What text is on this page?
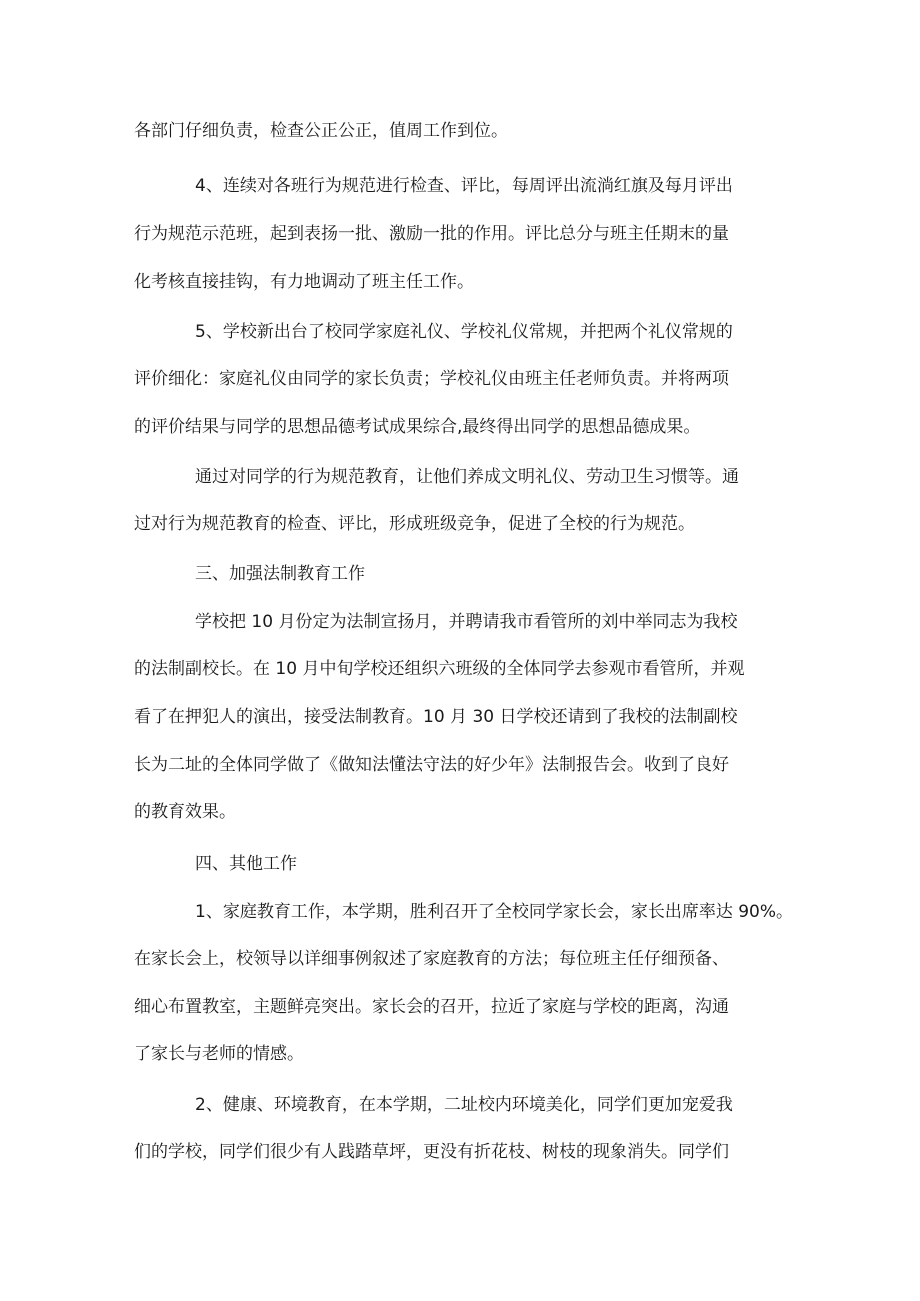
各部门仔细负责，检查公正公正，值周工作到位。
4、连续对各班行为规范进行检查、评比，每周评出流淌红旗及每月评出
行为规范示范班，起到表扬一批、激励一批的作用。评比总分与班主任期末的量
化考核直接挂钩，有力地调动了班主任工作。
5、学校新出台了校同学家庭礼仪、学校礼仪常规，并把两个礼仪常规的
评价细化：家庭礼仪由同学的家长负责；学校礼仪由班主任老师负责。并将两项
的评价结果与同学的思想品德考试成果综合,最终得出同学的思想品德成果。
通过对同学的行为规范教育，让他们养成文明礼仪、劳动卫生习惯等。通
过对行为规范教育的检查、评比，形成班级竞争，促进了全校的行为规范。
三、加强法制教育工作
学校把 10 月份定为法制宣扬月，并聘请我市看管所的刘中举同志为我校
的法制副校长。在 10 月中旬学校还组织六班级的全体同学去参观市看管所，并观
看了在押犯人的演出，接受法制教育。10 月 30 日学校还请到了我校的法制副校
长为二址的全体同学做了《做知法懂法守法的好少年》法制报告会。收到了良好
的教育效果。
四、其他工作
1、家庭教育工作，本学期，胜利召开了全校同学家长会，家长出席率达 90%。
在家长会上，校领导以详细事例叙述了家庭教育的方法；每位班主任仔细预备、
细心布置教室，主题鲜亮突出。家长会的召开，拉近了家庭与学校的距离，沟通
了家长与老师的情感。
2、健康、环境教育，在本学期，二址校内环境美化，同学们更加宠爱我
们的学校，同学们很少有人践踏草坪，更没有折花枝、树枝的现象消失。同学们
